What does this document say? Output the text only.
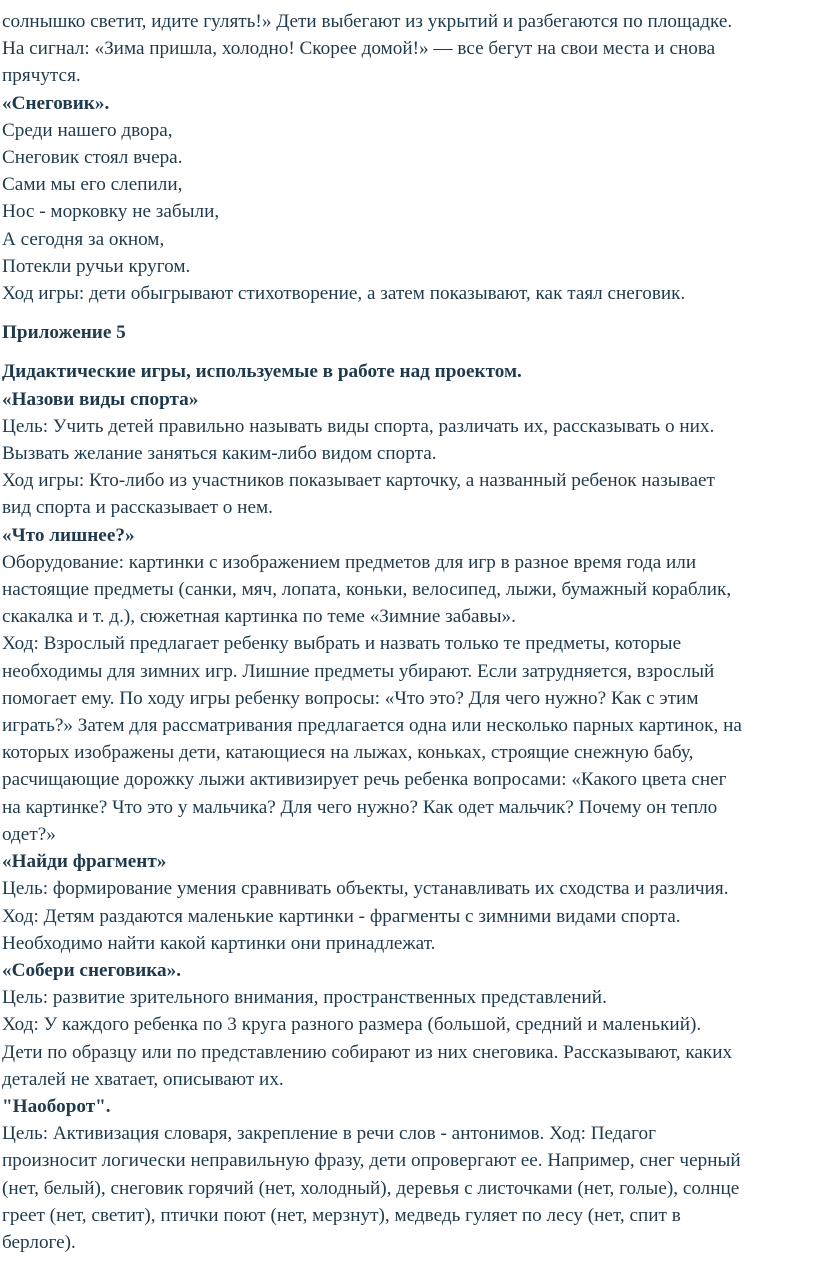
солнышко светит, идите гулять!» Дети выбегают из укрытий и разбегаются по площадке.

На сигнал: «Зима пришла, холодно! Скорее домой!» — все бегут на свои места и снова

прячутся.

«Снеговик».

Среди нашего двора,

Снеговик стоял вчера.

Сами мы его слепили,

Нос - морковку не забыли,

А сегодня за окном,

Потекли ручьи кругом.

Ход игры: дети обыгрывают стихотворение, а затем показывают, как таял снеговик.

Приложение 5

Дидактические игры, используемые в работе над проектом.

«Назови виды спорта»

Цель: Учить детей правильно называть виды спорта, различать их, рассказывать о них.

Вызвать желание заняться каким-либо видом спорта.

Ход игры: Кто-либо из участников показывает карточку, а названный ребенок называет

вид спорта и рассказывает о нем.

«Что лишнее?»

Оборудование: картинки с изображением предметов для игр в разное время года или

настоящие предметы (санки, мяч, лопата, коньки, велосипед, лыжи, бумажный кораблик,

скакалка и т. д.), сюжетная картинка по теме «Зимние забавы».

Ход: Взрослый предлагает ребенку выбрать и назвать только те предметы, которые

необходимы для зимних игр. Лишние предметы убирают. Если затрудняется, взрослый

помогает ему. По ходу игры ребенку вопросы: «Что это? Для чего нужно? Как с этим

играть?» Затем для рассматривания предлагается одна или несколько парных картинок, на

которых изображены дети, катающиеся на лыжах, коньках, строящие снежную бабу,

расчищающие дорожку лыжи активизирует речь ребенка вопросами: «Какого цвета снег

на картинке? Что это у мальчика? Для чего нужно? Как одет мальчик? Почему он тепло

одет?»

«Найди фрагмент»

Цель: формирование умения сравнивать объекты, устанавливать их сходства и различия.

Ход: Детям раздаются маленькие картинки - фрагменты с зимними видами спорта.

Необходимо найти какой картинки они принадлежат.

«Собери снеговика».

Цель: развитие зрительного внимания, пространственных представлений.

Ход: У каждого ребенка по 3 круга разного размера (большой, средний и маленький).

Дети по образцу или по представлению собирают из них снеговика. Рассказывают, каких

деталей не хватает, описывают их.

"Наоборот".

Цель: Активизация словаря, закрепление в речи слов - антонимов. Ход: Педагог

произносит логически неправильную фразу, дети опровергают ее. Например, снег черный

(нет, белый), снеговик горячий (нет, холодный), деревья с листочками (нет, голые), солнце

греет (нет, светит), птички поют (нет, мерзнут), медведь гуляет по лесу (нет, спит в

берлоге).
